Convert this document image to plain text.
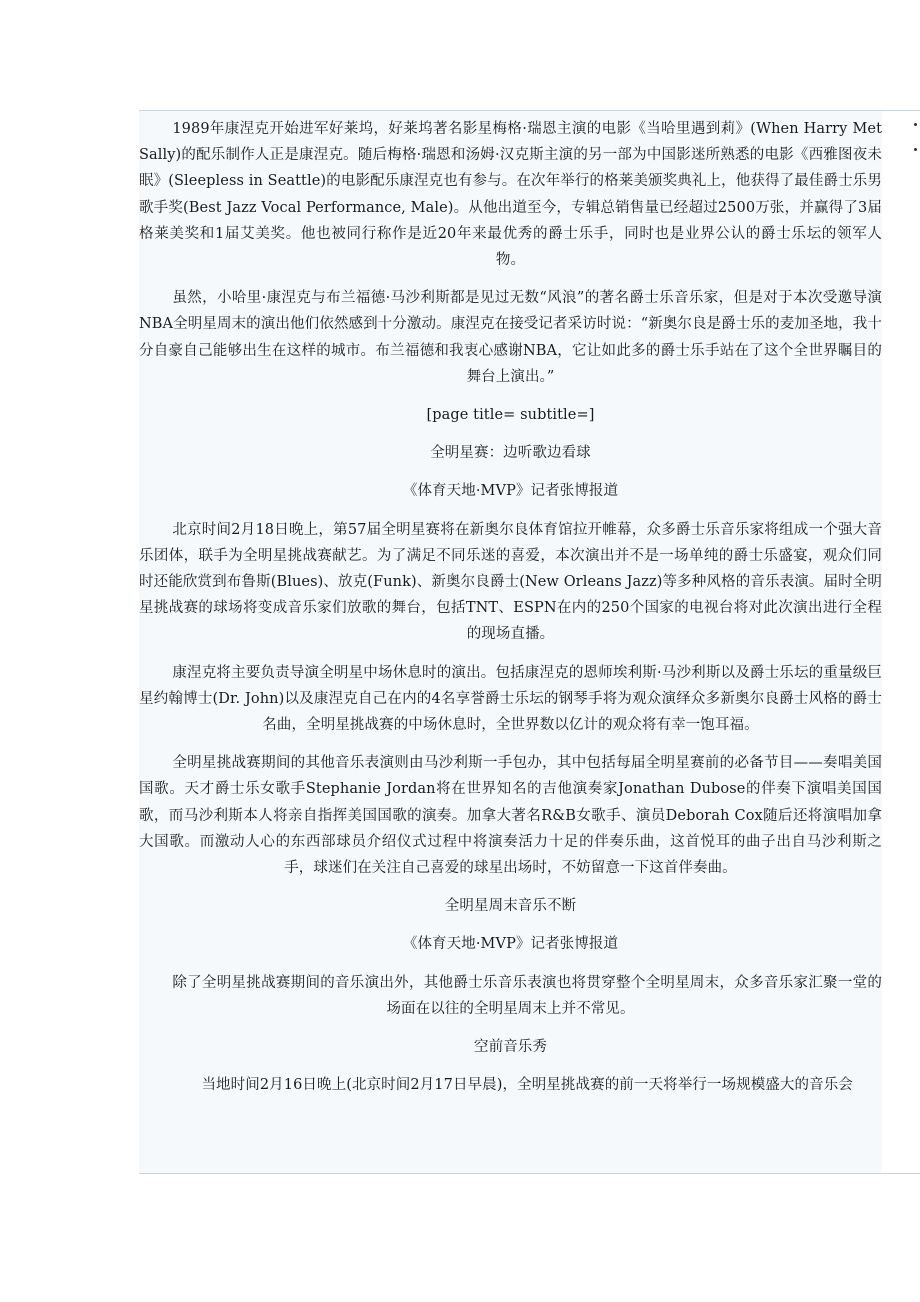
1989年康涅克开始进军好莱坞，好莱坞著名影星梅格·瑞恩主演的电影《当哈里遇到莉》(When Harry Met Sally)的配乐制作人正是康涅克。随后梅格·瑞恩和汤姆·汉克斯主演的另一部为中国影迷所熟悉的电影《西雅图夜未眠》(Sleepless in Seattle)的电影配乐康涅克也有参与。在次年举行的格莱美颁奖典礼上，他获得了最佳爵士乐男歌手奖(Best Jazz Vocal Performance, Male)。从他出道至今，专辑总销售量已经超过2500万张，并赢得了3届格莱美奖和1届艾美奖。他也被同行称作是近20年来最优秀的爵士乐手，同时也是业界公认的爵士乐坛的领军人物。

虽然，小哈里·康涅克与布兰福德·马沙利斯都是见过无数“风浪”的著名爵士乐音乐家，但是对于本次受邀导演NBA全明星周末的演出他们依然感到十分激动。康涅克在接受记者采访时说：“新奥尔良是爵士乐的麦加圣地，我十分自豪自己能够出生在这样的城市。布兰福德和我衷心感谢NBA，它让如此多的爵士乐手站在了这个全世界瞩目的舞台上演出。”

[page title= subtitle=]

全明星赛：边听歌边看球

《体育天地·MVP》记者张博报道

北京时间2月18日晚上，第57届全明星赛将在新奥尔良体育馆拉开帷幕，众多爵士乐音乐家将组成一个强大音乐团体，联手为全明星挑战赛献艺。为了满足不同乐迷的喜爱，本次演出并不是一场单纯的爵士乐盛宴，观众们同时还能欣赏到布鲁斯(Blues)、放克(Funk)、新奥尔良爵士(New Orleans Jazz)等多种风格的音乐表演。届时全明星挑战赛的球场将变成音乐家们放歌的舞台，包括TNT、ESPN在内的250个国家的电视台将对此次演出进行全程的现场直播。

康涅克将主要负责导演全明星中场休息时的演出。包括康涅克的恩师埃利斯·马沙利斯以及爵士乐坛的重量级巨星约翰博士(Dr. John)以及康涅克自己在内的4名享誉爵士乐坛的钢琴手将为观众演绎众多新奥尔良爵士风格的爵士名曲，全明星挑战赛的中场休息时，全世界数以亿计的观众将有幸一饱耳福。

全明星挑战赛期间的其他音乐表演则由马沙利斯一手包办，其中包括每届全明星赛前的必备节目——奏唱美国国歌。天才爵士乐女歌手Stephanie Jordan将在世界知名的吉他演奏家Jonathan Dubose的伴奏下演唱美国国歌，而马沙利斯本人将亲自指挥美国国歌的演奏。加拿大著名R&B女歌手、演员Deborah Cox随后还将演唱加拿大国歌。而激动人心的东西部球员介绍仪式过程中将演奏活力十足的伴奏乐曲，这首悦耳的曲子出自马沙利斯之手，球迷们在关注自己喜爱的球星出场时，不妨留意一下这首伴奏曲。

全明星周末音乐不断

《体育天地·MVP》记者张博报道

除了全明星挑战赛期间的音乐演出外，其他爵士乐音乐表演也将贯穿整个全明星周末，众多音乐家汇聚一堂的场面在以往的全明星周末上并不常见。

空前音乐秀

当地时间2月16日晚上(北京时间2月17日早晨)，全明星挑战赛的前一天将举行一场规模盛大的音乐会
